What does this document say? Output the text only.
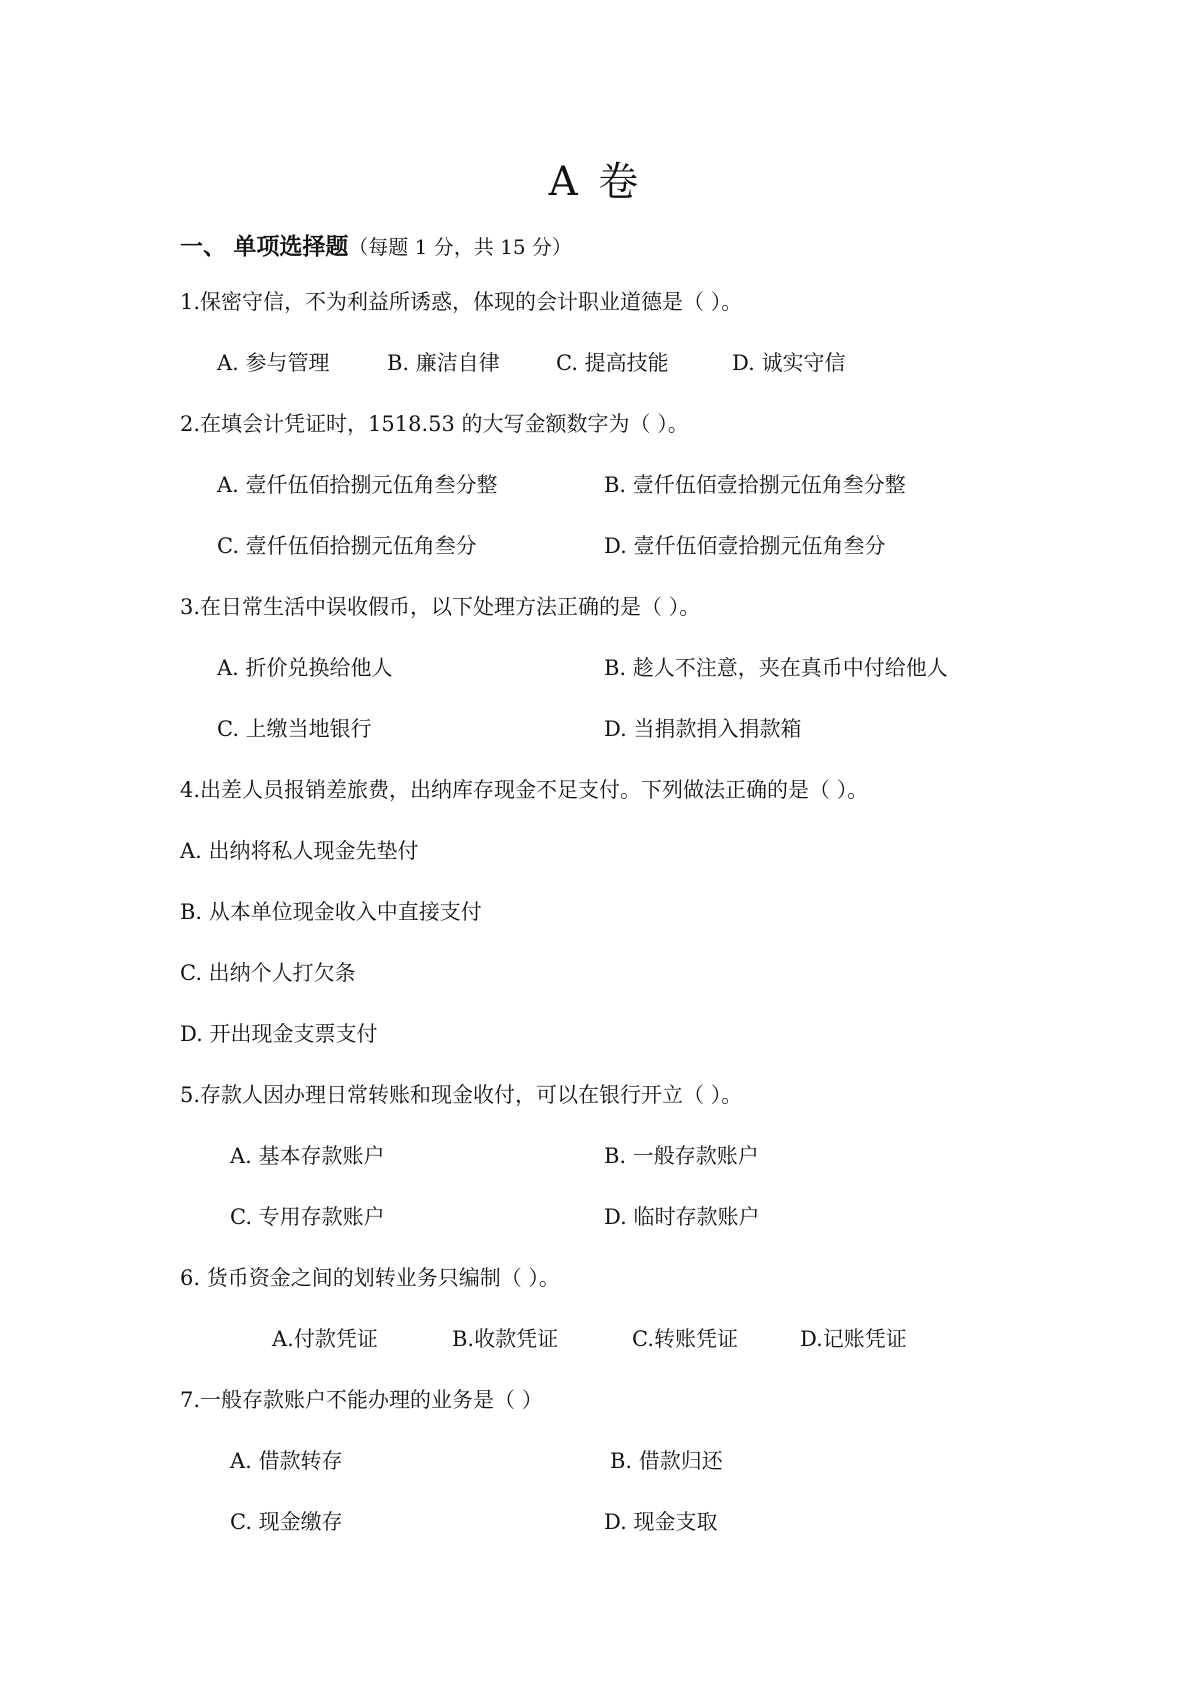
A 卷
一、 单项选择题（每题 1 分，共 15 分）
1.保密守信，不为利益所诱惑，体现的会计职业道德是（ ）。
A. 参与管理	B. 廉洁自律	C. 提高技能	D. 诚实守信
2.在填会计凭证时，1518.53 的大写金额数字为（ ）。
A. 壹仟伍佰拾捌元伍角叁分整	B. 壹仟伍佰壹拾捌元伍角叁分整
C. 壹仟伍佰拾捌元伍角叁分	D. 壹仟伍佰壹拾捌元伍角叁分
3.在日常生活中误收假币，以下处理方法正确的是（ ）。
A. 折价兑换给他人	B. 趁人不注意，夹在真币中付给他人
C. 上缴当地银行	D. 当捐款捐入捐款箱
4.出差人员报销差旅费，出纳库存现金不足支付。下列做法正确的是（ ）。
A. 出纳将私人现金先垫付
B. 从本单位现金收入中直接支付
C. 出纳个人打欠条
D. 开出现金支票支付
5.存款人因办理日常转账和现金收付，可以在银行开立（ ）。
A. 基本存款账户	B. 一般存款账户
C. 专用存款账户	D. 临时存款账户
6. 货币资金之间的划转业务只编制（ ）。
A.付款凭证	B.收款凭证	C.转账凭证	D.记账凭证
7.一般存款账户不能办理的业务是（ ）
A. 借款转存	B. 借款归还
C. 现金缴存	D. 现金支取
